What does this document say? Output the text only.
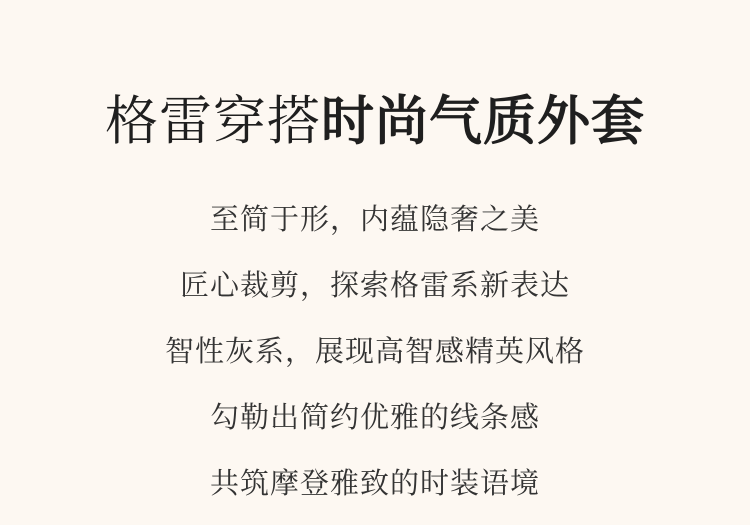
格雷穿搭时尚气质外套

至简于形，内蕴隐奢之美

匠心裁剪，探索格雷系新表达

智性灰系，展现高智感精英风格

勾勒出简约优雅的线条感

共筑摩登雅致的时装语境
